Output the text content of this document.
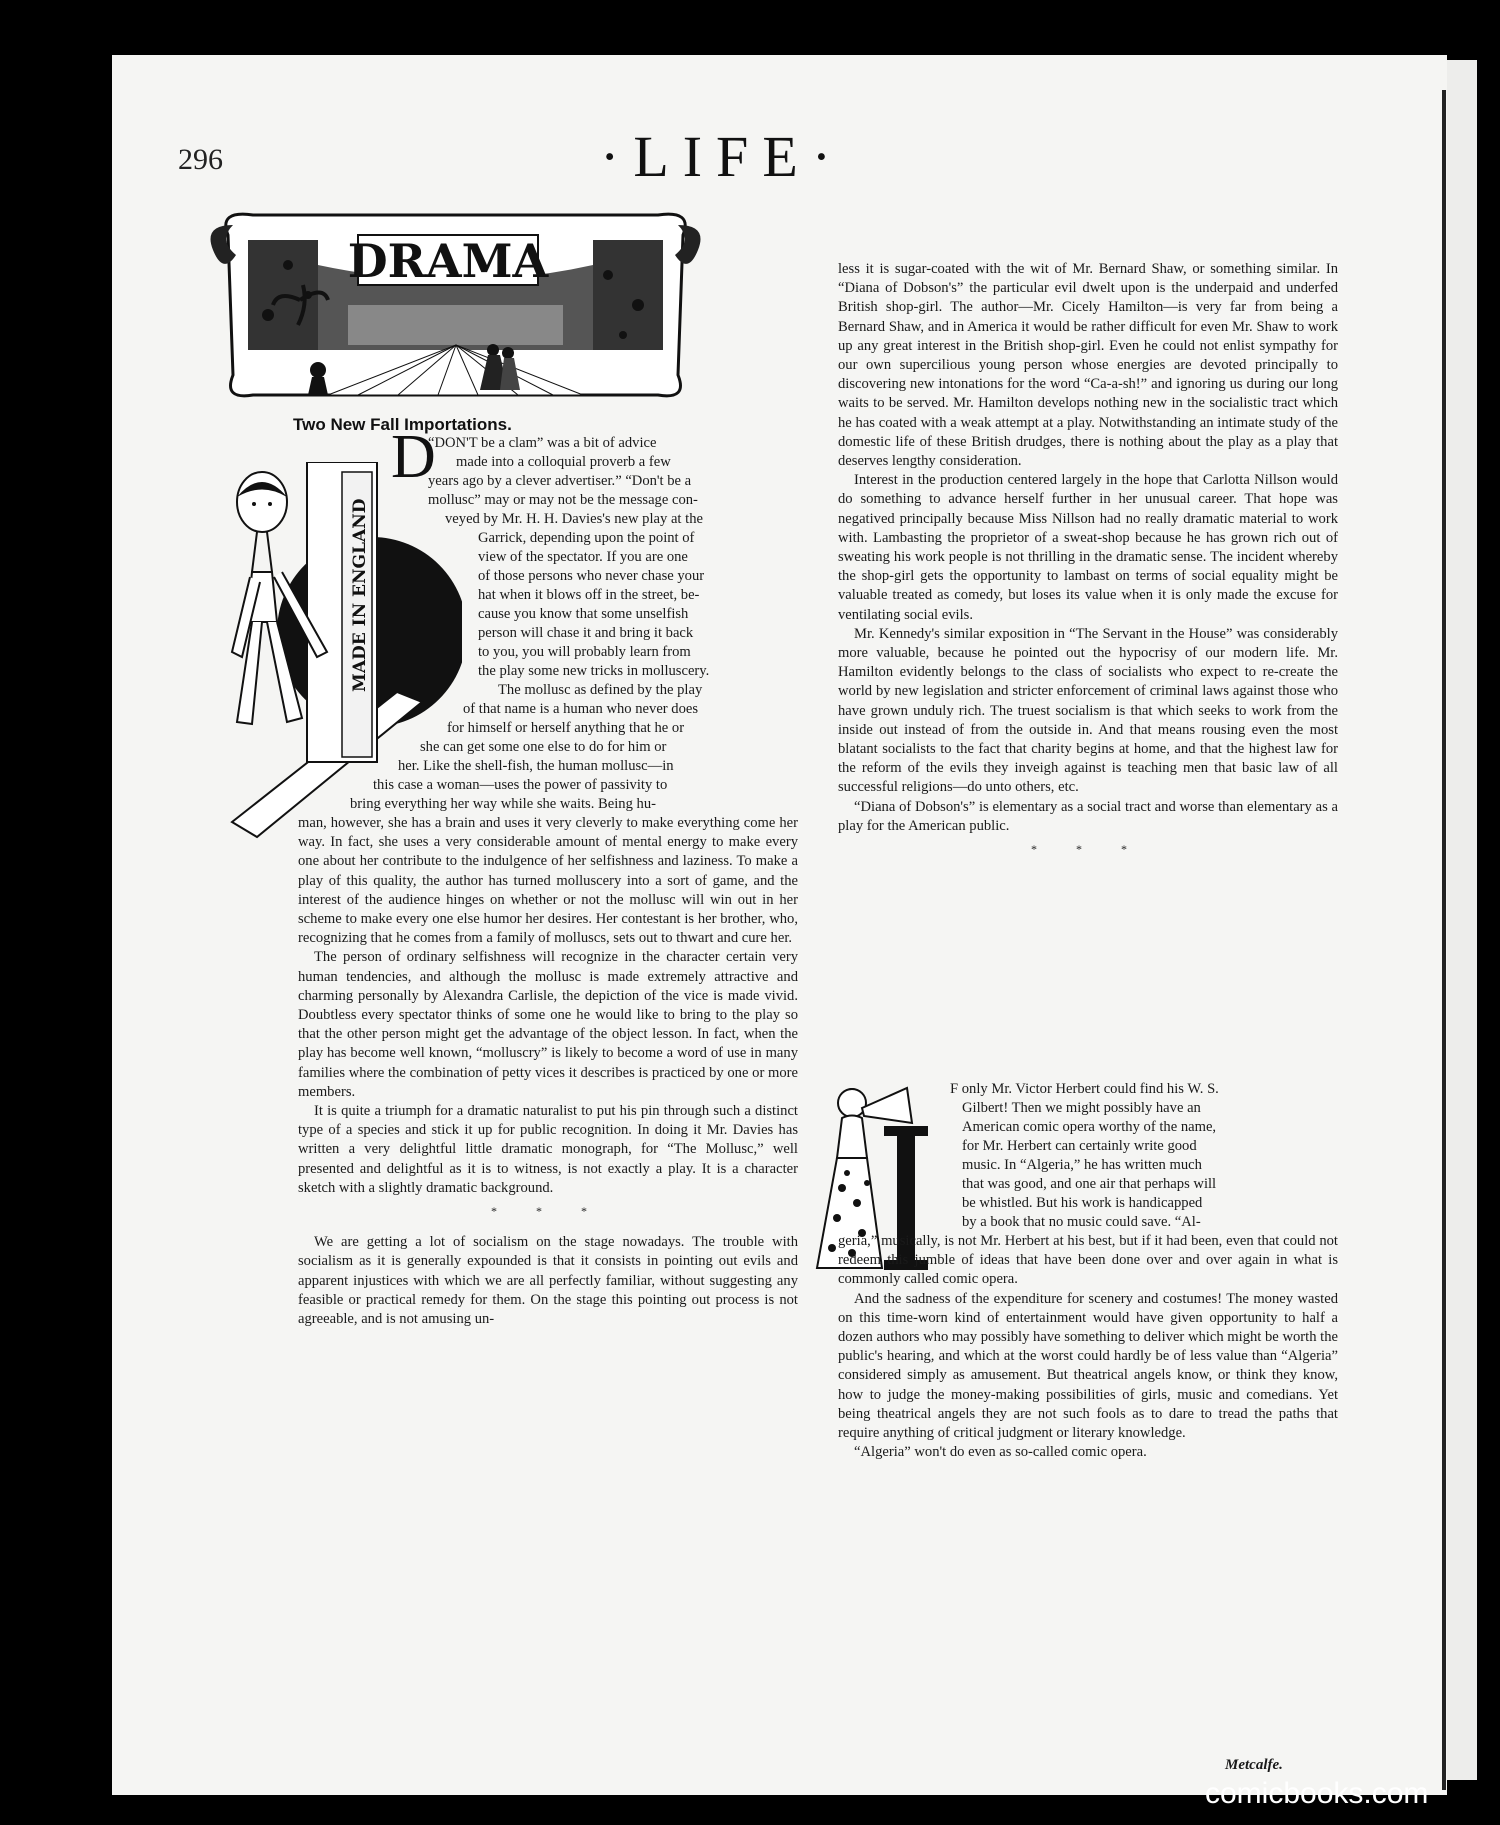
296	·LIFE·
DRAMA
Two New Fall Importations.
MADE IN ENGLAND
D
“DON'T be a clam” was a bit of advice
made into a colloquial proverb a few
years ago by a clever advertiser.” “Don't be a
mollusc” may or may not be the message con-
veyed by Mr. H. H. Davies's new play at the
Garrick, depending upon the point of
view of the spectator. If you are one
of those persons who never chase your
hat when it blows off in the street, be-
cause you know that some unselfish
person will chase it and bring it back
to you, you will probably learn from
the play some new tricks in molluscery.
The mollusc as defined by the play
of that name is a human who never does
for himself or herself anything that he or
she can get some one else to do for him or
her. Like the shell-fish, the human mollusc—in
this case a woman—uses the power of passivity to
bring everything her way while she waits. Being hu-

man, however, she has a brain and uses it very cleverly to make everything come her way. In fact, she uses a very considerable amount of mental energy to make every one about her contribute to the indulgence of her selfishness and laziness. To make a play of this quality, the author has turned molluscery into a sort of game, and the interest of the audience hinges on whether or not the mollusc will win out in her scheme to make every one else humor her desires. Her contestant is her brother, who, recognizing that he comes from a family of molluscs, sets out to thwart and cure her.

The person of ordinary selfishness will recognize in the character certain very human tendencies, and although the mollusc is made extremely attractive and charming personally by Alexandra Carlisle, the depiction of the vice is made vivid. Doubtless every spectator thinks of some one he would like to bring to the play so that the other person might get the advantage of the object lesson. In fact, when the play has become well known, “molluscry” is likely to become a word of use in many families where the combination of petty vices it describes is practiced by one or more members.

It is quite a triumph for a dramatic naturalist to put his pin through such a distinct type of a species and stick it up for public recognition. In doing it Mr. Davies has written a very delightful little dramatic monograph, for “The Mollusc,” well presented and delightful as it is to witness, is not exactly a play. It is a character sketch with a slightly dramatic background.

* * *

We are getting a lot of socialism on the stage nowadays. The trouble with socialism as it is generally expounded is that it consists in pointing out evils and apparent injustices with which we are all perfectly familiar, without suggesting any feasible or practical remedy for them. On the stage this pointing out process is not agreeable, and is not amusing un-

less it is sugar-coated with the wit of Mr. Bernard Shaw, or something similar. In “Diana of Dobson's” the particular evil dwelt upon is the underpaid and underfed British shop-girl. The author—Mr. Cicely Hamilton—is very far from being a Bernard Shaw, and in America it would be rather difficult for even Mr. Shaw to work up any great interest in the British shop-girl. Even he could not enlist sympathy for our own supercilious young person whose energies are devoted principally to discovering new intonations for the word “Ca-a-sh!” and ignoring us during our long waits to be served. Mr. Hamilton develops nothing new in the socialistic tract which he has coated with a weak attempt at a play. Notwithstanding an intimate study of the domestic life of these British drudges, there is nothing about the play as a play that deserves lengthy consideration.

Interest in the production centered largely in the hope that Carlotta Nillson would do something to advance herself further in her unusual career. That hope was negatived principally because Miss Nillson had no really dramatic material to work with. Lambasting the proprietor of a sweat-shop because he has grown rich out of sweating his work people is not thrilling in the dramatic sense. The incident whereby the shop-girl gets the opportunity to lambast on terms of social equality might be valuable treated as comedy, but loses its value when it is only made the excuse for ventilating social evils.

Mr. Kennedy's similar exposition in “The Servant in the House” was considerably more valuable, because he pointed out the hypocrisy of our modern life. Mr. Hamilton evidently belongs to the class of socialists who expect to re-create the world by new legislation and stricter enforcement of criminal laws against those who have grown unduly rich. The truest socialism is that which seeks to work from the inside out instead of from the outside in. And that means rousing even the most blatant socialists to the fact that charity begins at home, and that the highest law for the reform of the evils they inveigh against is teaching men that basic law of all successful religions—do unto others, etc.

“Diana of Dobson's” is elementary as a social tract and worse than elementary as a play for the American public.

* * *
F only Mr. Victor Herbert could find his W. S.
Gilbert! Then we might possibly have an
American comic opera worthy of the name,
for Mr. Herbert can certainly write good
music. In “Algeria,” he has written much
that was good, and one air that perhaps will
be whistled. But his work is handicapped
by a book that no music could save. “Al-

geria,” musically, is not Mr. Herbert at his best, but if it had been, even that could not redeem this jumble of ideas that have been done over and over again in what is commonly called comic opera.

And the sadness of the expenditure for scenery and costumes! The money wasted on this time-worn kind of entertainment would have given opportunity to half a dozen authors who may possibly have something to deliver which might be worth the public's hearing, and which at the worst could hardly be of less value than “Algeria” considered simply as amusement. But theatrical angels know, or think they know, how to judge the money-making possibilities of girls, music and comedians. Yet being theatrical angels they are not such fools as to dare to tread the paths that require anything of critical judgment or literary knowledge.

“Algeria” won't do even as so-called comic opera.

Metcalfe.
comicbooks.com
